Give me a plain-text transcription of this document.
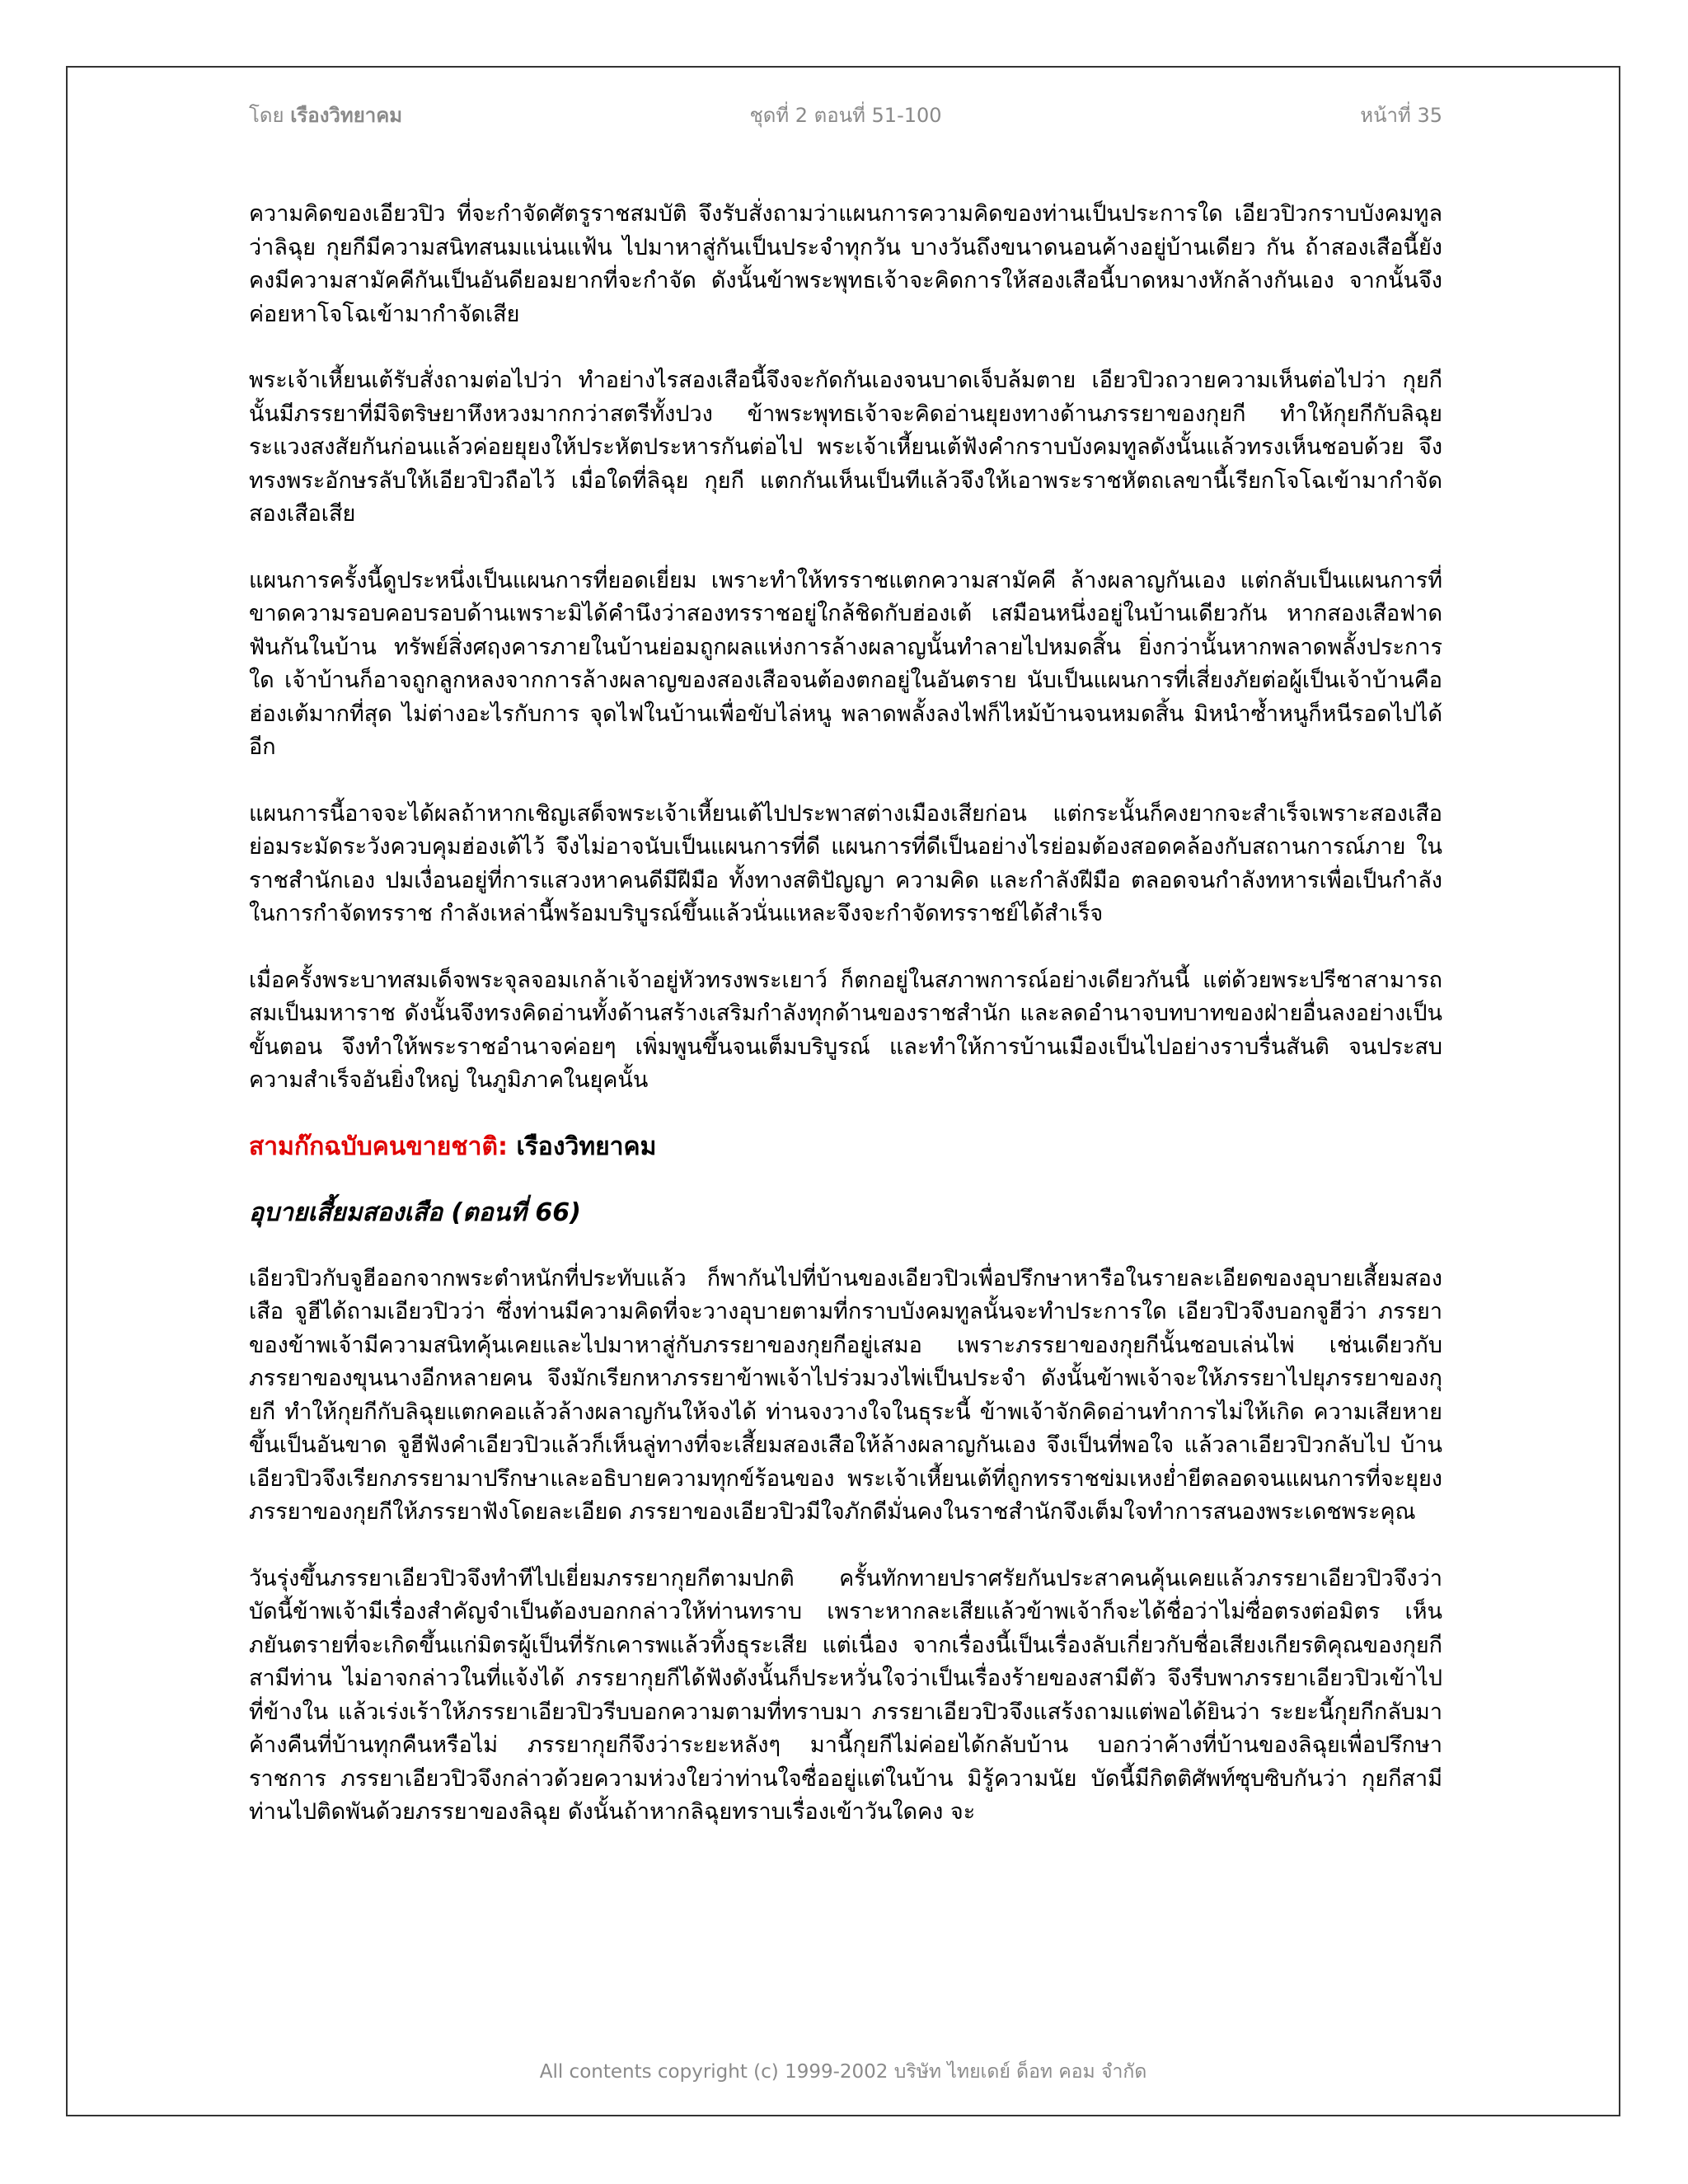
โดย เรืองวิทยาคม	ชุดที่ 2 ตอนที่ 51-100	หน้าที่ 35

ความคิดของเอียวปิว ที่จะกำจัดศัตรูราชสมบัติ จึงรับสั่งถามว่าแผนการความคิดของท่านเป็นประการใด เอียวปิวกราบบังคมทูลว่าลิฉุย กุยกีมีความสนิทสนมแน่นแฟ้น ไปมาหาสู่กันเป็นประจำทุกวัน บางวันถึงขนาดนอนค้างอยู่บ้านเดียว กัน ถ้าสองเสือนี้ยังคงมีความสามัคคีกันเป็นอันดียอมยากที่จะกำจัด ดังนั้นข้าพระพุทธเจ้าจะคิดการให้สองเสือนี้บาดหมางหักล้างกันเอง จากนั้นจึงค่อยหาโจโฉเข้ามากำจัดเสีย

พระเจ้าเหี้ยนเต้รับสั่งถามต่อไปว่า ทำอย่างไรสองเสือนี้จึงจะกัดกันเองจนบาดเจ็บล้มตาย เอียวปิวถวายความเห็นต่อไปว่า กุยกีนั้นมีภรรยาที่มีจิตริษยาหึงหวงมากกว่าสตรีทั้งปวง ข้าพระพุทธเจ้าจะคิดอ่านยุยงทางด้านภรรยาของกุยกี ทำให้กุยกีกับลิฉุยระแวงสงสัยกันก่อนแล้วค่อยยุยงให้ประหัตประหารกันต่อไป พระเจ้าเหี้ยนเต้ฟังคำกราบบังคมทูลดังนั้นแล้วทรงเห็นชอบด้วย จึงทรงพระอักษรลับให้เอียวปิวถือไว้ เมื่อใดที่ลิฉุย กุยกี แตกกันเห็นเป็นทีแล้วจึงให้เอาพระราชหัตถเลขานี้เรียกโจโฉเข้ามากำจัดสองเสือเสีย

แผนการครั้งนี้ดูประหนึ่งเป็นแผนการที่ยอดเยี่ยม เพราะทำให้ทรราชแตกความสามัคคี ล้างผลาญกันเอง แต่กลับเป็นแผนการที่ขาดความรอบคอบรอบด้านเพราะมิได้คำนึงว่าสองทรราชอยู่ใกล้ชิดกับฮ่องเต้ เสมือนหนึ่งอยู่ในบ้านเดียวกัน หากสองเสือฟาดฟันกันในบ้าน ทรัพย์สิ่งศฤงคารภายในบ้านย่อมถูกผลแห่งการล้างผลาญนั้นทำลายไปหมดสิ้น ยิ่งกว่านั้นหากพลาดพลั้งประการใด เจ้าบ้านก็อาจถูกลูกหลงจากการล้างผลาญของสองเสือจนต้องตกอยู่ในอันตราย นับเป็นแผนการที่เสี่ยงภัยต่อผู้เป็นเจ้าบ้านคือฮ่องเต้มากที่สุด ไม่ต่างอะไรกับการ จุดไฟในบ้านเพื่อขับไล่หนู พลาดพลั้งลงไฟก็ไหม้บ้านจนหมดสิ้น มิหนำซ้ำหนูก็หนีรอดไปได้อีก

แผนการนี้อาจจะได้ผลถ้าหากเชิญเสด็จพระเจ้าเหี้ยนเต้ไปประพาสต่างเมืองเสียก่อน แต่กระนั้นก็คงยากจะสำเร็จเพราะสองเสือ ย่อมระมัดระวังควบคุมฮ่องเต้ไว้ จึงไม่อาจนับเป็นแผนการที่ดี แผนการที่ดีเป็นอย่างไรย่อมต้องสอดคล้องกับสถานการณ์ภาย ในราชสำนักเอง ปมเงื่อนอยู่ที่การแสวงหาคนดีมีฝีมือ ทั้งทางสติปัญญา ความคิด และกำลังฝีมือ ตลอดจนกำลังทหารเพื่อเป็นกำลังในการกำจัดทรราช กำลังเหล่านี้พร้อมบริบูรณ์ขึ้นแล้วนั่นแหละจึงจะกำจัดทรราชย์ได้สำเร็จ

เมื่อครั้งพระบาทสมเด็จพระจุลจอมเกล้าเจ้าอยู่หัวทรงพระเยาว์ ก็ตกอยู่ในสภาพการณ์อย่างเดียวกันนี้ แต่ด้วยพระปรีชาสามารถสมเป็นมหาราช ดังนั้นจึงทรงคิดอ่านทั้งด้านสร้างเสริมกำลังทุกด้านของราชสำนัก และลดอำนาจบทบาทของฝ่ายอื่นลงอย่างเป็นขั้นตอน จึงทำให้พระราชอำนาจค่อยๆ เพิ่มพูนขึ้นจนเต็มบริบูรณ์ และทำให้การบ้านเมืองเป็นไปอย่างราบรื่นสันติ จนประสบความสำเร็จอันยิ่งใหญ่ ในภูมิภาคในยุคนั้น

สามก๊กฉบับคนขายชาติ: เรืองวิทยาคม
อุบายเสี้ยมสองเสือ (ตอนที่ 66)

เอียวปิวกับจูฮีออกจากพระตำหนักที่ประทับแล้ว ก็พากันไปที่บ้านของเอียวปิวเพื่อปรึกษาหารือในรายละเอียดของอุบายเสี้ยมสองเสือ จูฮีได้ถามเอียวปิวว่า ซึ่งท่านมีความคิดที่จะวางอุบายตามที่กราบบังคมทูลนั้นจะทำประการใด เอียวปิวจึงบอกจูฮีว่า ภรรยาของข้าพเจ้ามีความสนิทคุ้นเคยและไปมาหาสู่กับภรรยาของกุยกีอยู่เสมอ เพราะภรรยาของกุยกีนั้นชอบเล่นไพ่ เช่นเดียวกับภรรยาของขุนนางอีกหลายคน จึงมักเรียกหาภรรยาข้าพเจ้าไปร่วมวงไพ่เป็นประจำ ดังนั้นข้าพเจ้าจะให้ภรรยาไปยุภรรยาของกุยกี ทำให้กุยกีกับลิฉุยแตกคอแล้วล้างผลาญกันให้จงได้ ท่านจงวางใจในธุระนี้ ข้าพเจ้าจักคิดอ่านทำการไม่ให้เกิด ความเสียหายขึ้นเป็นอันขาด จูฮีฟังคำเอียวปิวแล้วก็เห็นลู่ทางที่จะเสี้ยมสองเสือให้ล้างผลาญกันเอง จึงเป็นที่พอใจ แล้วลาเอียวปิวกลับไป บ้านเอียวปิวจึงเรียกภรรยามาปรึกษาและอธิบายความทุกข์ร้อนของ พระเจ้าเหี้ยนเต้ที่ถูกทรราชข่มเหงย่ำยีตลอดจนแผนการที่จะยุยง ภรรยาของกุยกีให้ภรรยาฟังโดยละเอียด ภรรยาของเอียวปิวมีใจภักดีมั่นคงในราชสำนักจึงเต็มใจทำการสนองพระเดชพระคุณ

วันรุ่งขึ้นภรรยาเอียวปิวจึงทำทีไปเยี่ยมภรรยากุยกีตามปกติ ครั้นทักทายปราศรัยกันประสาคนคุ้นเคยแล้วภรรยาเอียวปิวจึงว่า บัดนี้ข้าพเจ้ามีเรื่องสำคัญจำเป็นต้องบอกกล่าวให้ท่านทราบ เพราะหากละเสียแล้วข้าพเจ้าก็จะได้ชื่อว่าไม่ซื่อตรงต่อมิตร เห็นภยันตรายที่จะเกิดขึ้นแก่มิตรผู้เป็นที่รักเคารพแล้วทิ้งธุระเสีย แต่เนื่อง จากเรื่องนี้เป็นเรื่องลับเกี่ยวกับชื่อเสียงเกียรติคุณของกุยกีสามีท่าน ไม่อาจกล่าวในที่แจ้งได้ ภรรยากุยกีได้ฟังดังนั้นก็ประหวั่นใจว่าเป็นเรื่องร้ายของสามีตัว จึงรีบพาภรรยาเอียวปิวเข้าไปที่ข้างใน แล้วเร่งเร้าให้ภรรยาเอียวปิวรีบบอกความตามที่ทราบมา ภรรยาเอียวปิวจึงแสร้งถามแต่พอได้ยินว่า ระยะนี้กุยกีกลับมาค้างคืนที่บ้านทุกคืนหรือไม่ ภรรยากุยกีจึงว่าระยะหลังๆ มานี้กุยกีไม่ค่อยได้กลับบ้าน บอกว่าค้างที่บ้านของลิฉุยเพื่อปรึกษาราชการ ภรรยาเอียวปิวจึงกล่าวด้วยความห่วงใยว่าท่านใจซื่ออยู่แต่ในบ้าน มิรู้ความนัย บัดนี้มีกิตติศัพท์ซุบซิบกันว่า กุยกีสามีท่านไปติดพันด้วยภรรยาของลิฉุย ดังนั้นถ้าหากลิฉุยทราบเรื่องเข้าวันใดคง จะ

All contents copyright (c) 1999-2002 บริษัท ไทยเดย์ ด็อท คอม จำกัด
